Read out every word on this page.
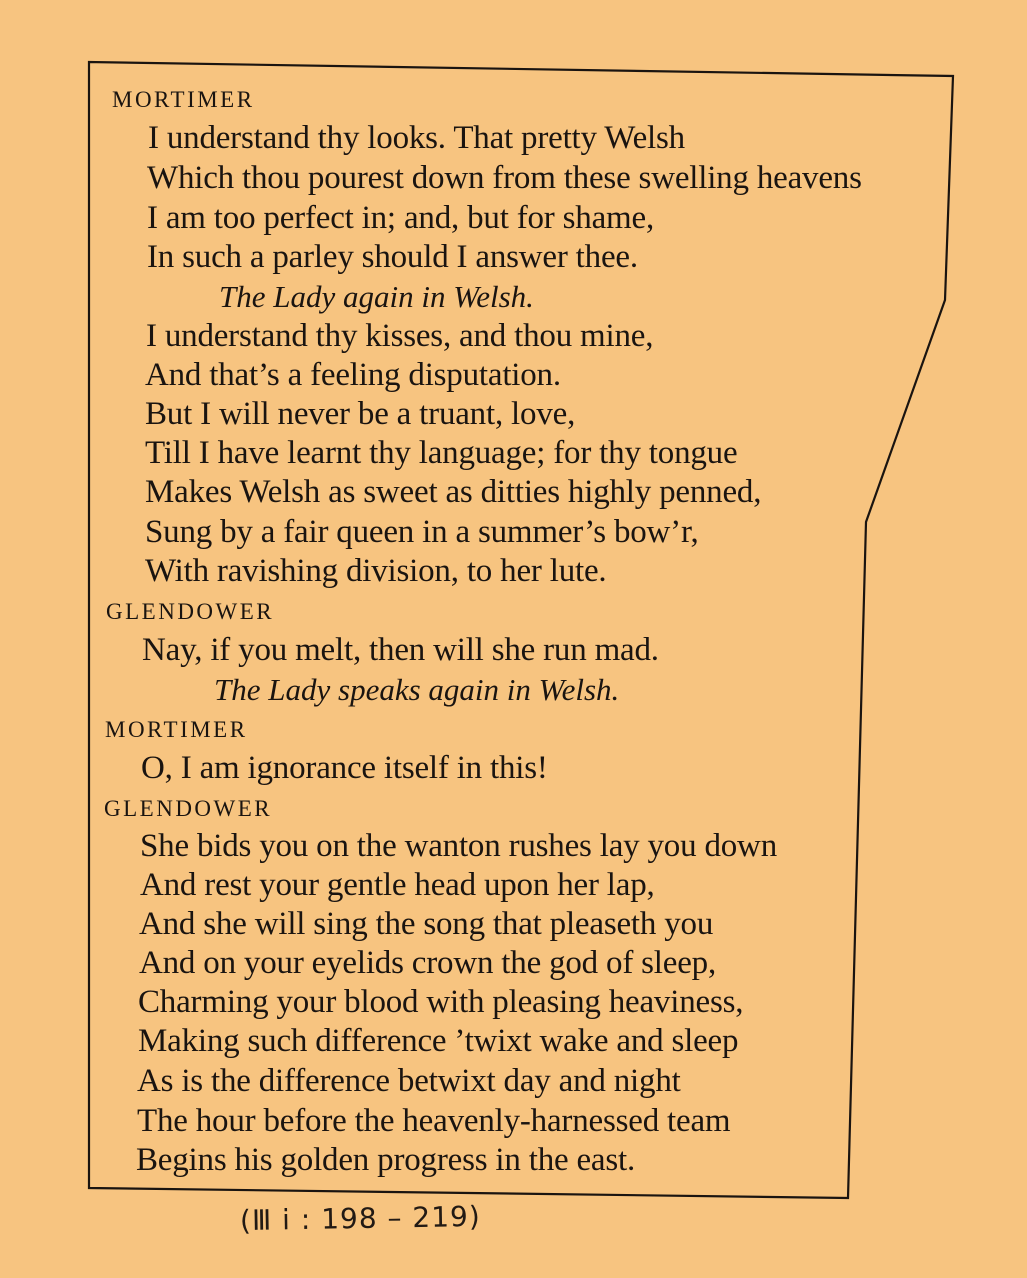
MORTIMER
I understand thy looks. That pretty Welsh
Which thou pourest down from these swelling heavens
I am too perfect in; and, but for shame,
In such a parley should I answer thee.
The Lady again in Welsh.
I understand thy kisses, and thou mine,
And that’s a feeling disputation.
But I will never be a truant, love,
Till I have learnt thy language; for thy tongue
Makes Welsh as sweet as ditties highly penned,
Sung by a fair queen in a summer’s bow’r,
With ravishing division, to her lute.
GLENDOWER
Nay, if you melt, then will she run mad.
The Lady speaks again in Welsh.
MORTIMER
O, I am ignorance itself in this!
GLENDOWER
She bids you on the wanton rushes lay you down
And rest your gentle head upon her lap,
And she will sing the song that pleaseth you
And on your eyelids crown the god of sleep,
Charming your blood with pleasing heaviness,
Making such difference ’twixt wake and sleep
As is the difference betwixt day and night
The hour before the heavenly-harnessed team
Begins his golden progress in the east.
(Ⅲ i : 198 – 219)
